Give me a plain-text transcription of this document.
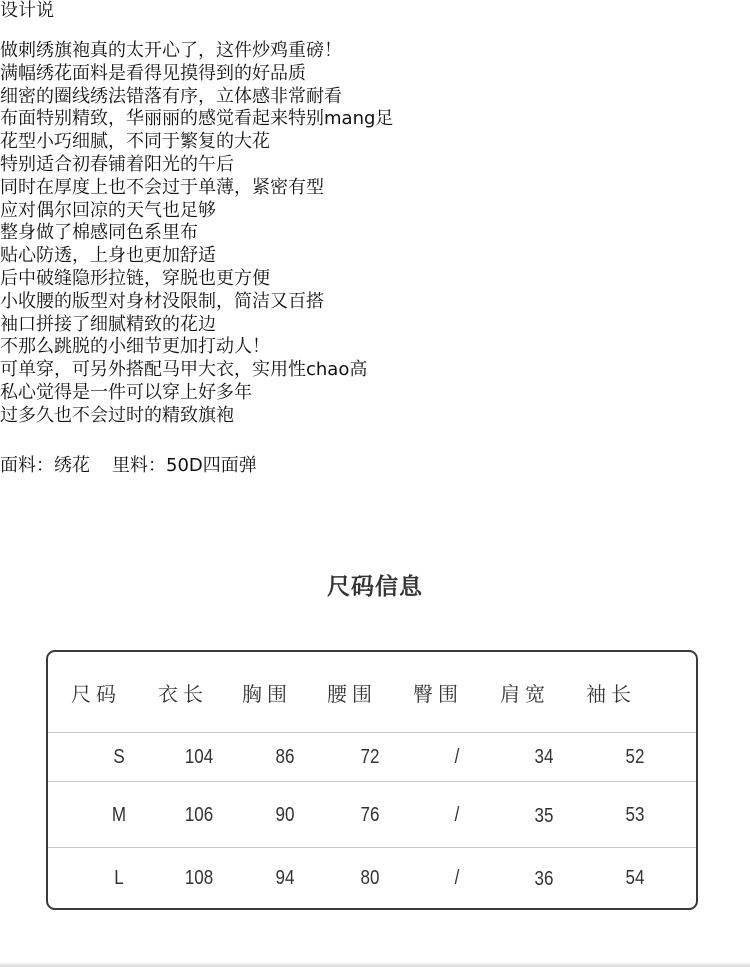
设计说
做刺绣旗袍真的太开心了，这件炒鸡重磅！
满幅绣花面料是看得见摸得到的好品质
细密的圈线绣法错落有序，立体感非常耐看
布面特别精致，华丽丽的感觉看起来特别mang足
花型小巧细腻，不同于繁复的大花
特别适合初春铺着阳光的午后
同时在厚度上也不会过于单薄，紧密有型
应对偶尔回凉的天气也足够
整身做了棉感同色系里布
贴心防透，上身也更加舒适
后中破缝隐形拉链，穿脱也更方便
小收腰的版型对身材没限制，简洁又百搭
袖口拼接了细腻精致的花边
不那么跳脱的小细节更加打动人！
可单穿，可另外搭配马甲大衣，实用性chao高
私心觉得是一件可以穿上好多年
过多久也不会过时的精致旗袍
面料：绣花 里料：50D四面弹
尺码信息
尺码 衣长 胸围 腰围 臀围 肩宽 袖长
S	104	86	72	/	34	52
M	106	90	76	/	35	53
L	108	94	80	/	36	54
